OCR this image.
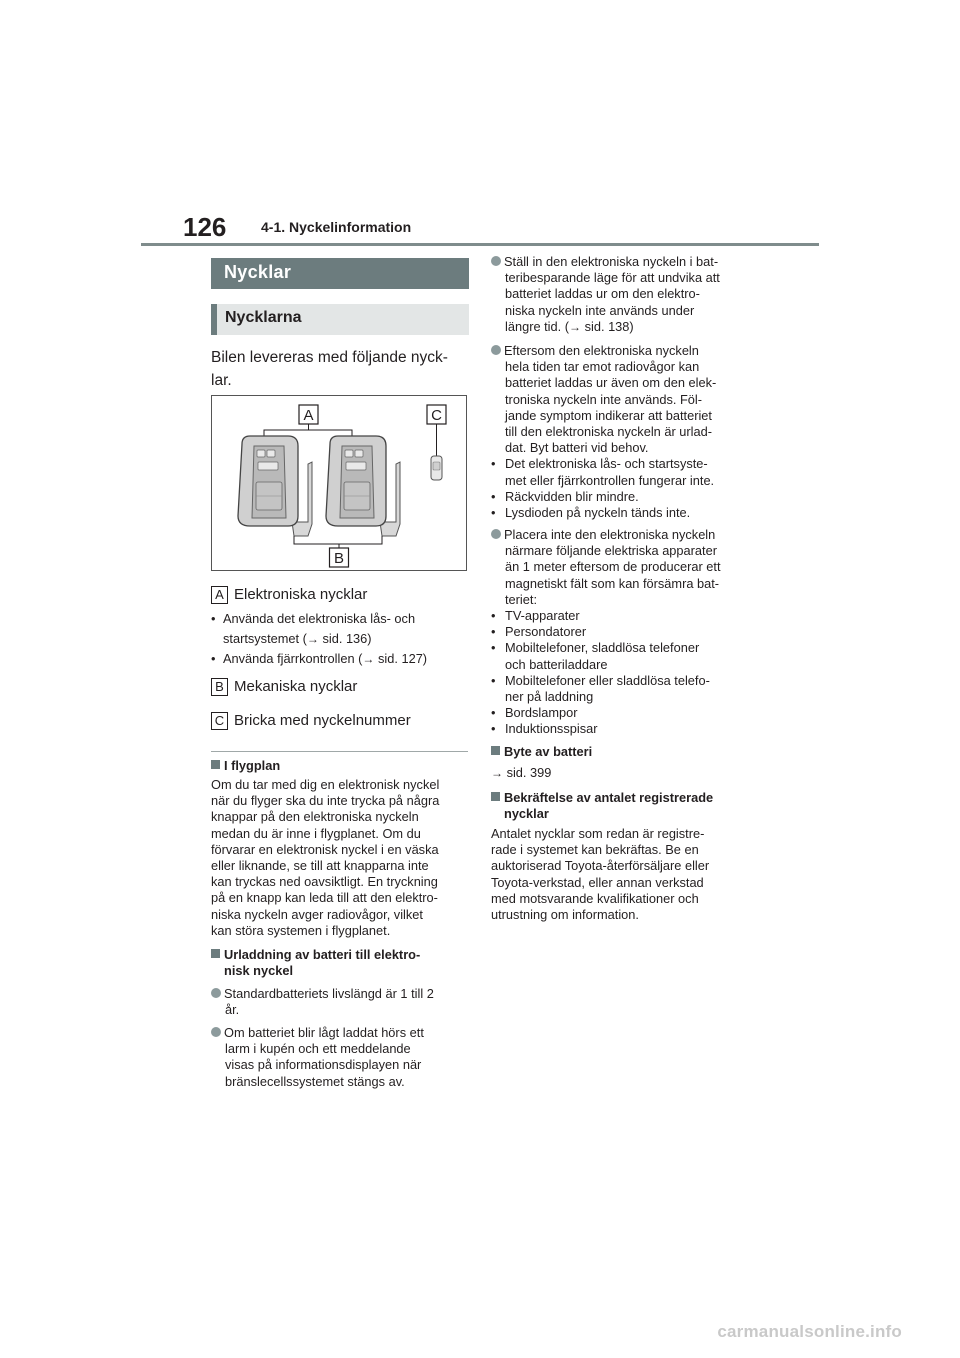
126 4-1. Nyckelinformation
Nycklar
Nycklarna
Bilen levereras med följande nyck-
lar.
A	C
B
A Elektroniska nycklar
• Använda det elektroniska lås- och
startsystemet (→ sid. 136)
• Använda fjärrkontrollen (→ sid. 127)
B Mekaniska nycklar
C Bricka med nyckelnummer
I flygplan
Om du tar med dig en elektronisk nyckel
när du flyger ska du inte trycka på några
knappar på den elektroniska nyckeln
medan du är inne i flygplanet. Om du
förvarar en elektronisk nyckel i en väska
eller liknande, se till att knapparna inte
kan tryckas ned oavsiktligt. En tryckning
på en knapp kan leda till att den elektro-
niska nyckeln avger radiovågor, vilket
kan störa systemen i flygplanet.
Urladdning av batteri till elektro-
nisk nyckel
Standardbatteriets livslängd är 1 till 2
år.
Om batteriet blir lågt laddat hörs ett
larm i kupén och ett meddelande
visas på informationsdisplayen när
bränslecellssystemet stängs av.
Ställ in den elektroniska nyckeln i bat-
teribesparande läge för att undvika att
batteriet laddas ur om den elektro-
niska nyckeln inte används under
längre tid. (→ sid. 138)
Eftersom den elektroniska nyckeln
hela tiden tar emot radiovågor kan
batteriet laddas ur även om den elek-
troniska nyckeln inte används. Föl-
jande symptom indikerar att batteriet
till den elektroniska nyckeln är urlad-
dat. Byt batteri vid behov.
• Det elektroniska lås- och startsyste-
met eller fjärrkontrollen fungerar inte.
• Räckvidden blir mindre.
• Lysdioden på nyckeln tänds inte.
Placera inte den elektroniska nyckeln
närmare följande elektriska apparater
än 1 meter eftersom de producerar ett
magnetiskt fält som kan försämra bat-
teriet:
• TV-apparater
• Persondatorer
• Mobiltelefoner, sladdlösa telefoner
och batteriladdare
• Mobiltelefoner eller sladdlösa telefo-
ner på laddning
• Bordslampor
• Induktionsspisar
Byte av batteri
→ sid. 399
Bekräftelse av antalet registrerade
nycklar
Antalet nycklar som redan är registre-
rade i systemet kan bekräftas. Be en
auktoriserad Toyota-återförsäljare eller
Toyota-verkstad, eller annan verkstad
med motsvarande kvalifikationer och
utrustning om information.
carmanualsonline.info
